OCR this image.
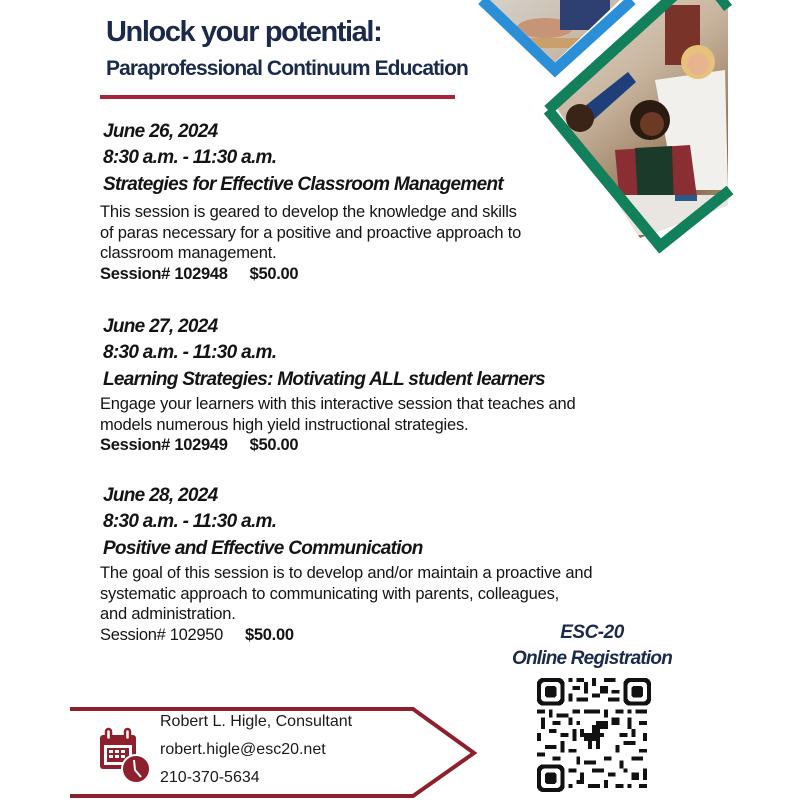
Unlock your potential:
Paraprofessional Continuum Education
June 26, 2024
8:30 a.m. - 11:30 a.m.
Strategies for Effective Classroom Management
This session is geared to develop the knowledge and skills
of paras necessary for a positive and proactive approach to
classroom management.
Session# 102948 $50.00
June 27, 2024
8:30 a.m. - 11:30 a.m.
Learning Strategies: Motivating ALL student learners
Engage your learners with this interactive session that teaches and
models numerous high yield instructional strategies.
Session# 102949 $50.00
June 28, 2024
8:30 a.m. - 11:30 a.m.
Positive and Effective Communication
The goal of this session is to develop and/or maintain a proactive and
systematic approach to communicating with parents, colleagues,
and administration.
Session# 102950 $50.00	ESC-20
Online Registration
Robert L. Higle, Consultant
robert.higle@esc20.net
210-370-5634
